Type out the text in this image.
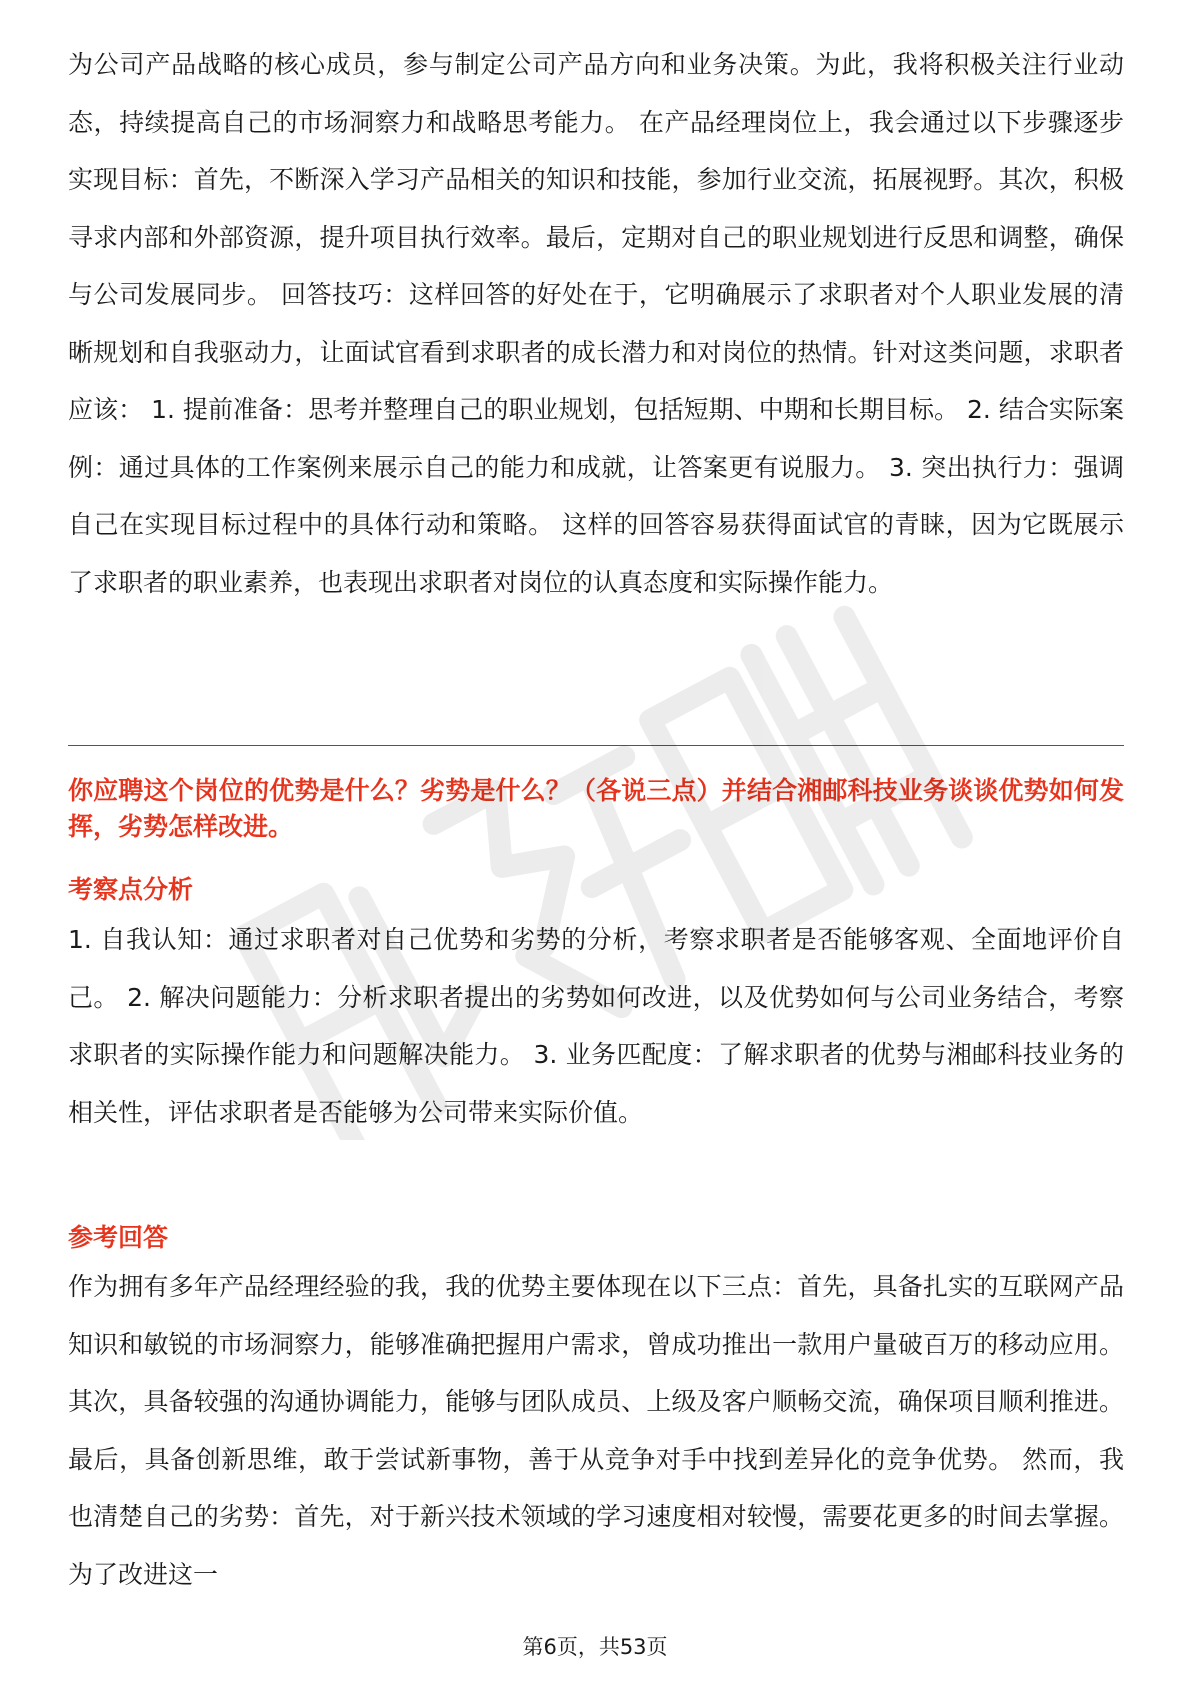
为公司产品战略的核心成员，参与制定公司产品方向和业务决策。为此，我将积极关注行业动态，持续提高自己的市场洞察力和战略思考能力。 在产品经理岗位上，我会通过以下步骤逐步实现目标：首先，不断深入学习产品相关的知识和技能，参加行业交流，拓展视野。其次，积极寻求内部和外部资源，提升项目执行效率。最后，定期对自己的职业规划进行反思和调整，确保与公司发展同步。 回答技巧：这样回答的好处在于，它明确展示了求职者对个人职业发展的清晰规划和自我驱动力，让面试官看到求职者的成长潜力和对岗位的热情。针对这类问题，求职者应该： 1. 提前准备：思考并整理自己的职业规划，包括短期、中期和长期目标。 2. 结合实际案例：通过具体的工作案例来展示自己的能力和成就，让答案更有说服力。 3. 突出执行力：强调自己在实现目标过程中的具体行动和策略。 这样的回答容易获得面试官的青睐，因为它既展示了求职者的职业素养，也表现出求职者对岗位的认真态度和实际操作能力。

你应聘这个岗位的优势是什么？劣势是什么？（各说三点）并结合湘邮科技业务谈谈优势如何发挥，劣势怎样改进。

考察点分析

1. 自我认知：通过求职者对自己优势和劣势的分析，考察求职者是否能够客观、全面地评价自己。 2. 解决问题能力：分析求职者提出的劣势如何改进，以及优势如何与公司业务结合，考察求职者的实际操作能力和问题解决能力。 3. 业务匹配度：了解求职者的优势与湘邮科技业务的相关性，评估求职者是否能够为公司带来实际价值。

参考回答

作为拥有多年产品经理经验的我，我的优势主要体现在以下三点：首先，具备扎实的互联网产品知识和敏锐的市场洞察力，能够准确把握用户需求，曾成功推出一款用户量破百万的移动应用。其次，具备较强的沟通协调能力，能够与团队成员、上级及客户顺畅交流，确保项目顺利推进。最后，具备创新思维，敢于尝试新事物，善于从竞争对手中找到差异化的竞争优势。 然而，我也清楚自己的劣势：首先，对于新兴技术领域的学习速度相对较慢，需要花更多的时间去掌握。为了改进这一

第6页，共53页
